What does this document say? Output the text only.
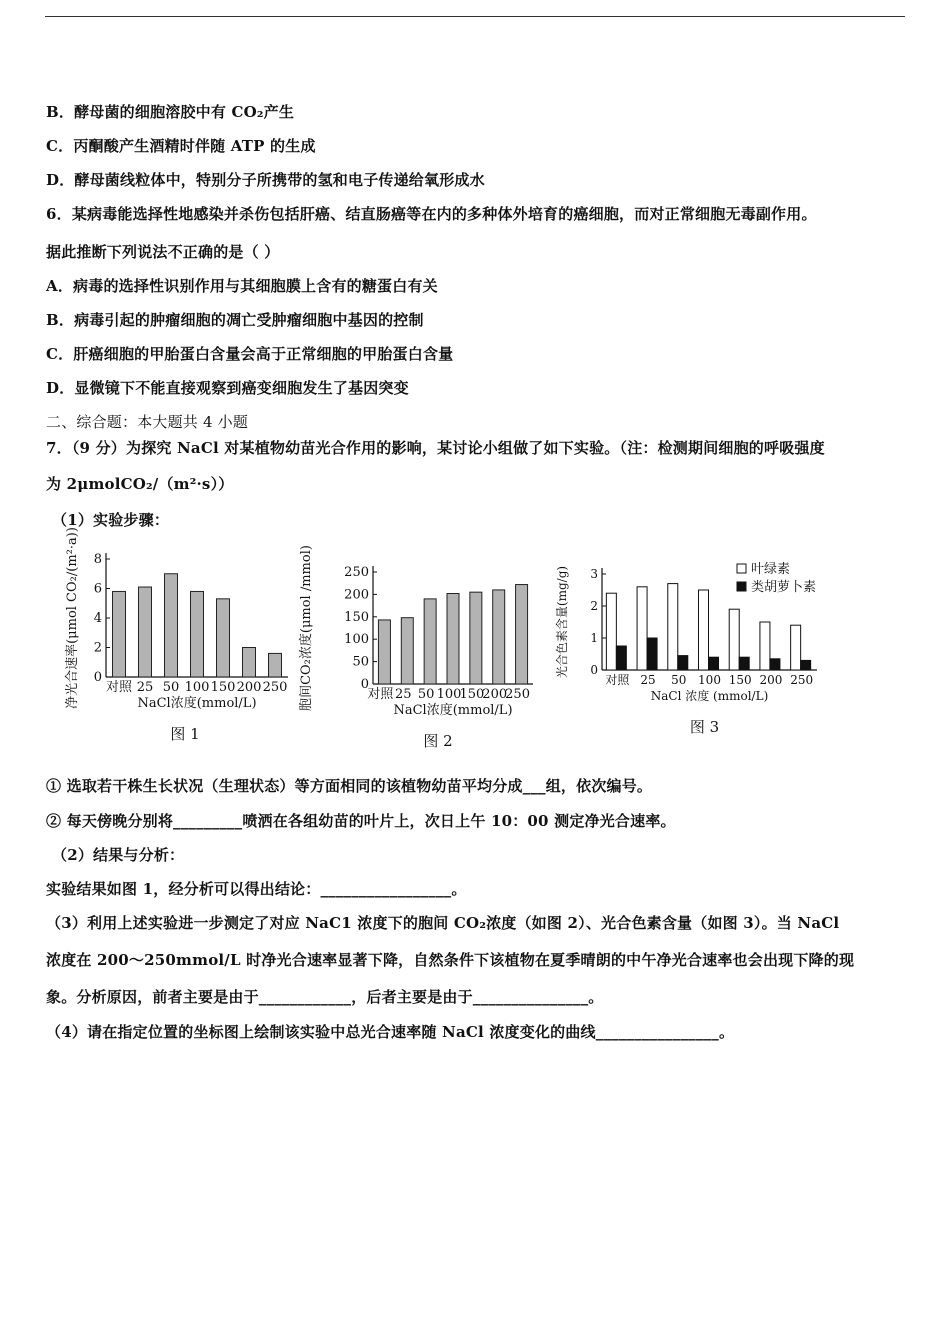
B．酵母菌的细胞溶胶中有 CO₂产生
C．丙酮酸产生酒精时伴随 ATP 的生成
D．酵母菌线粒体中，特别分子所携带的氢和电子传递给氧形成水
6．某病毒能选择性地感染并杀伤包括肝癌、结直肠癌等在内的多种体外培育的癌细胞，而对正常细胞无毒副作用。
据此推断下列说法不正确的是（ ）
A．病毒的选择性识别作用与其细胞膜上含有的糖蛋白有关
B．病毒引起的肿瘤细胞的凋亡受肿瘤细胞中基因的控制
C．肝癌细胞的甲胎蛋白含量会高于正常细胞的甲胎蛋白含量
D．显微镜下不能直接观察到癌变细胞发生了基因突变
二、综合题：本大题共 4 小题
7．（9 分）为探究 NaCl 对某植物幼苗光合作用的影响，某讨论小组做了如下实验。（注：检测期间细胞的呼吸强度
为 2μmolCO₂/（m²·s））
（1）实验步骤：
0
2
4
6
8
对照 25 50 100 150 200 250
NaCl浓度(mmol/L)
净光合速率(μmol CO₂/(m²·a))
图 1
0
50
100
150
200
250
对照 25 50 100
150
200
250
NaCl浓度(mmol/L)
胞间CO₂浓度(μmol /mmol)
图 2
0
1
2
3
对照 25 50 100 150 200 250
NaCl 浓度 (mmol/L)
光合色素含量(mg/g)
图 3
叶绿素
类胡萝卜素
① 选取若干株生长状况（生理状态）等方面相同的该植物幼苗平均分成___组，依次编号。
② 每天傍晚分别将_________喷洒在各组幼苗的叶片上，次日上午 10：00 测定净光合速率。
（2）结果与分析：
实验结果如图 1，经分析可以得出结论：_________________。
（3）利用上述实验进一步测定了对应 NaC1 浓度下的胞间 CO₂浓度（如图 2）、光合色素含量（如图 3）。当 NaCl
浓度在 200～250mmol/L 时净光合速率显著下降，自然条件下该植物在夏季晴朗的中午净光合速率也会出现下降的现
象。分析原因，前者主要是由于____________，后者主要是由于_______________。
（4）请在指定位置的坐标图上绘制该实验中总光合速率随 NaCl 浓度变化的曲线________________。
